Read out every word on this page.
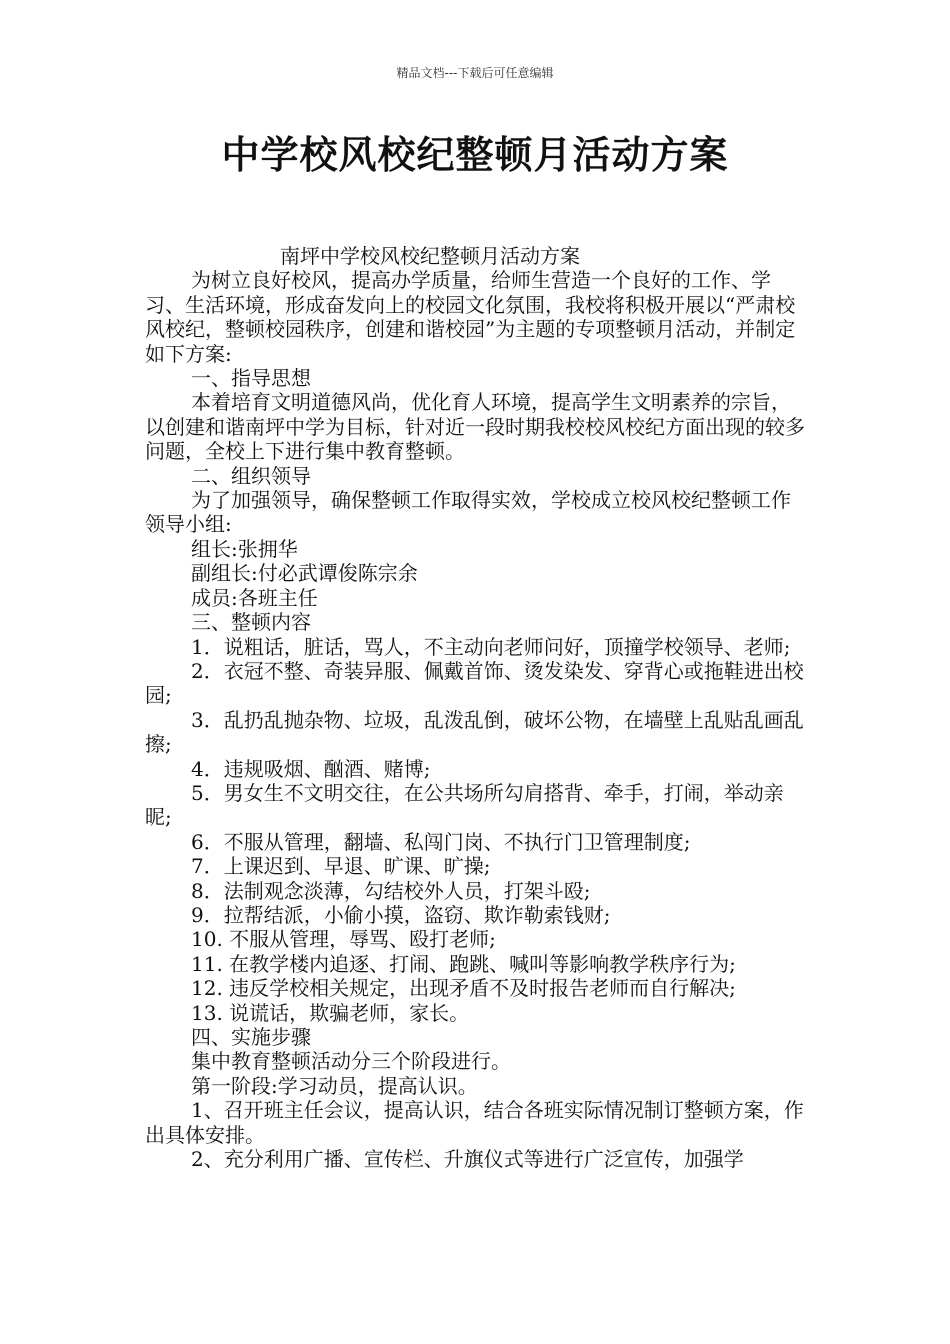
精品文档---下载后可任意编辑
中学校风校纪整顿月活动方案

南坪中学校风校纪整顿月活动方案

为树立良好校风，提高办学质量，给师生营造一个良好的工作、学习、生活环境，形成奋发向上的校园文化氛围，我校将积极开展以“严肃校风校纪，整顿校园秩序，创建和谐校园”为主题的专项整顿月活动，并制定如下方案:

一、指导思想

本着培育文明道德风尚，优化育人环境，提高学生文明素养的宗旨，以创建和谐南坪中学为目标，针对近一段时期我校校风校纪方面出现的较多问题，全校上下进行集中教育整顿。

二、组织领导

为了加强领导，确保整顿工作取得实效，学校成立校风校纪整顿工作领导小组:

组长:张拥华

副组长:付必武谭俊陈宗余

成员:各班主任

三、整顿内容

1．说粗话，脏话，骂人，不主动向老师问好，顶撞学校领导、老师;

2．衣冠不整、奇装异服、佩戴首饰、烫发染发、穿背心或拖鞋进出校园;

3．乱扔乱抛杂物、垃圾，乱泼乱倒，破坏公物，在墙壁上乱贴乱画乱擦;

4．违规吸烟、酗酒、赌博;

5．男女生不文明交往，在公共场所勾肩搭背、牵手，打闹，举动亲昵;

6．不服从管理，翻墙、私闯门岗、不执行门卫管理制度;

7．上课迟到、早退、旷课、旷操;

8．法制观念淡薄，勾结校外人员，打架斗殴;

9．拉帮结派，小偷小摸，盗窃、欺诈勒索钱财;

10. 不服从管理，辱骂、殴打老师;

11. 在教学楼内追逐、打闹、跑跳、喊叫等影响教学秩序行为;

12. 违反学校相关规定，出现矛盾不及时报告老师而自行解决;

13. 说谎话，欺骗老师，家长。

四、实施步骤

集中教育整顿活动分三个阶段进行。

第一阶段:学习动员，提高认识。

1、召开班主任会议，提高认识，结合各班实际情况制订整顿方案，作出具体安排。

2、充分利用广播、宣传栏、升旗仪式等进行广泛宣传，加强学
